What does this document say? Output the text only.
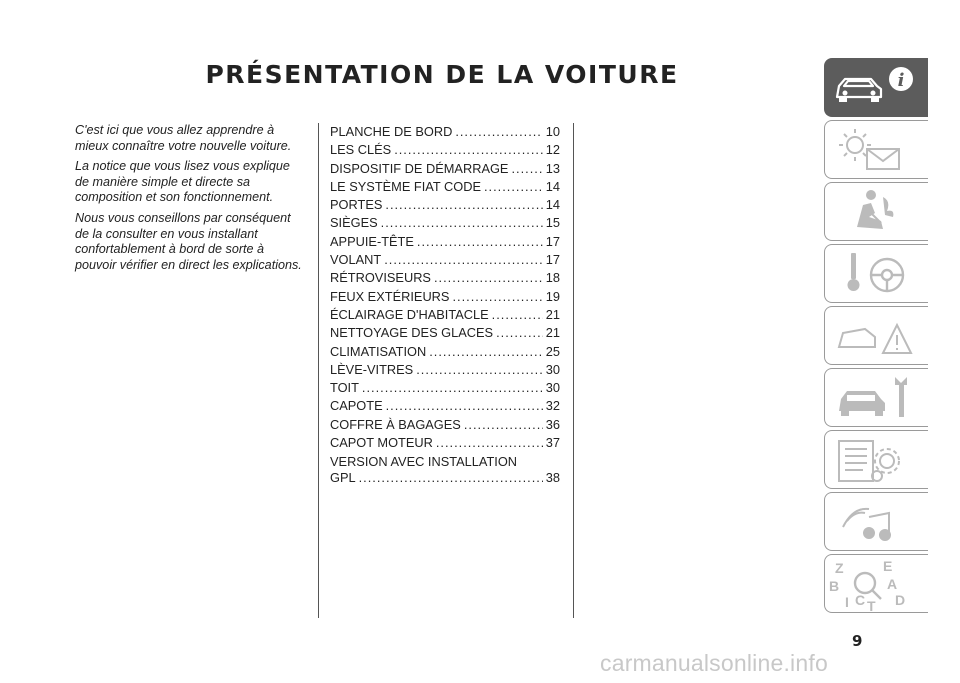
PRÉSENTATION DE LA VOITURE

C'est ici que vous allez apprendre à mieux connaître votre nouvelle voiture.

La notice que vous lisez vous explique de manière simple et directe sa composition et son fonctionnement.

Nous vous conseillons par conséquent de la consulter en vous installant confortablement à bord de sorte à pouvoir vérifier en direct les explications.

PLANCHE DE BORD .....	10
LES CLÉS .....	12
DISPOSITIF DE DÉMARRAGE .....	13
LE SYSTÈME FIAT CODE .....	14
PORTES .....	14
SIÈGES .....	15
APPUIE-TÊTE .....	17
VOLANT .....	17
RÉTROVISEURS .....	18
FEUX EXTÉRIEURS .....	19
ÉCLAIRAGE D'HABITACLE .....	21
NETTOYAGE DES GLACES .....	21
CLIMATISATION .....	25
LÈVE-VITRES .....	30
TOIT .....	30
CAPOTE .....	32
COFFRE À BAGAGES .....	36
CAPOT MOTEUR .....	37
VERSION AVEC INSTALLATION
GPL .....	38
i
Z	E
B	A
I C T D
9
carmanualsonline.info
